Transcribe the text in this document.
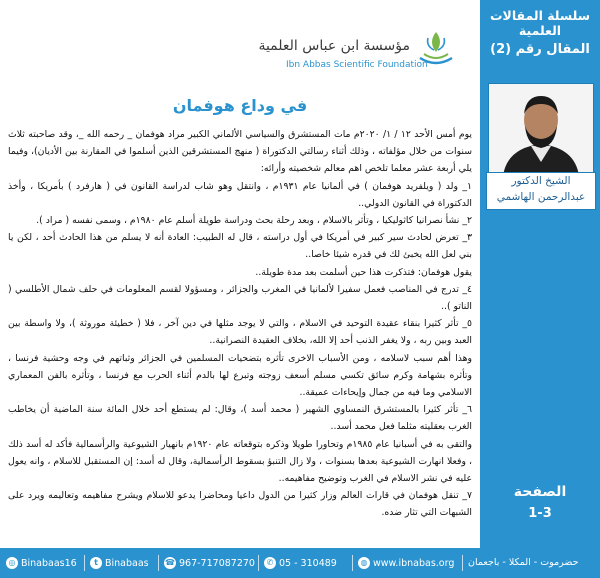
مؤسسة ابن عباس العلمية
Ibn Abbas Scientific Foundation
في وداع هوفمان

يوم أمس الأحد ١٢ / ١/ ٢٠٢٠م مات المستشرق والسياسي الألماني الكبير مراد هوفمان _ رحمه الله _، وقد صاحبته ثلاث سنوات من خلال مؤلفاته ، وذلك أثناء رسالتي الدكتوراة ( منهج المستشرقين الذين أسلموا في المقارنة بين الأديان)، وفيما يلي أربعة عشر معلما تلخص اهم معالم شخصيته وأرائه:

١_ ولد ( ويلفريد هوفمان ) في ألمانيا عام ١٩٣١م ، وانتقل وهو شاب لدراسة القانون في ( هارفرد ) بأمريكا ، وأخذ الدكتوراة في القانون الدولي..

٢_ نشأ نصرانيا كاثوليكيا ، وتأثر بالاسلام ، وبعد رحلة بحث ودراسة طويلة أسلم عام ١٩٨٠م ، وسمى نفسه ( مراد ).

٣_ تعرض لحادث سير كبير في أمريكا في أول دراسته ، قال له الطبيب: العادة أنه لا يسلم من هذا الحادث أحد ، لكن يا بني لعل الله يخبئ لك في قدره شيئا خاصا..

يقول هوفمان: فتذكرت هذا حين أسلمت بعد مدة طويلة..

٤_ تدرج في المناصب فعمل سفيرا لألمانيا في المغرب والجزائر ، ومسؤولا لقسم المعلومات في حلف شمال الأطلسي ( الناتو )..

٥_ تأثر كثيرا بنقاء عقيدة التوحيد في الاسلام ، والتي لا يوجد مثلها في دين آخر ، فلا ( خطيئة موروثة )، ولا واسطة بين العبد وبين ربه ، ولا يغفر الذنب أحد إلا الله، بخلاف العقيدة النصرانية..

وهذا أهم سبب لاسلامه ، ومن الأسباب الاخرى تأثره بتضحيات المسلمين في الجزائر وثباتهم في وجه وحشية فرنسا ، وتأثره بشهامة وكرم سائق تكسي مسلم أسعف زوجته وتبرع لها بالدم أثناء الحرب مع فرنسا ، وتأثره بالفن المعماري الاسلامي وما فيه من جمال وإيحاءات عميقة..

٦_ تأثر كثيرا بالمستشرق النمساوي الشهير ( محمد أسد )، وقال: لم يستطع أحد خلال المائة سنة الماضية أن يخاطب الغرب بعقليته مثلما فعل محمد أسد..

والتقى به في أسبانيا عام ١٩٨٥م وتحاورا طويلا وذكره بتوقعاته عام ١٩٢٠م بانهيار الشيوعية والرأسمالية فأكد له أسد ذلك ، وفعلا انهارت الشيوعية بعدها بسنوات ، ولا زال التنبؤ بسقوط الرأسمالية، وقال له أسد: إن المستقبل للاسلام ، وانه يعول عليه في نشر الاسلام في الغرب وتوضيح مفاهيمه..

٧_ تنقل هوفمان في قارات العالم وزار كثيرا من الدول داعيا ومحاضرا يدعو للاسلام ويشرح مفاهيمه وتعاليمه ويرد على الشبهات التي تثار ضده.

سلسلة المقالات العلمية
المقال رقم (2)
الشيخ الدكتور
عبدالرحمن الهاشمي
الصفحة
1-3
◎ Binabaas16	t Binabaas ☎ 967-717087270	✆ 05 - 310489	◍ www.ibnabas.org حضرموت - المكلا - باجعمان
